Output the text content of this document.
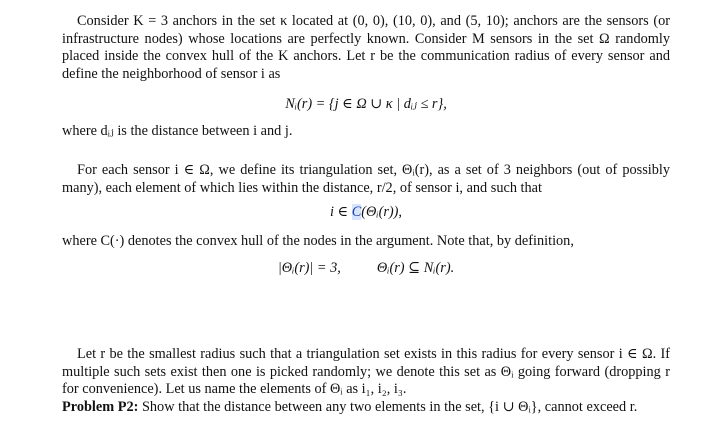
Consider K = 3 anchors in the set κ located at (0, 0), (10, 0), and (5, 10); anchors are the sensors (or infrastructure nodes) whose locations are perfectly known. Consider M sensors in the set Ω randomly placed inside the convex hull of the K anchors. Let r be the communication radius of every sensor and define the neighborhood of sensor i as

Nᵢ(r) = {j ∈ Ω ∪ κ | dᵢⱼ ≤ r},

where dᵢⱼ is the distance between i and j.

For each sensor i ∈ Ω, we define its triangulation set, Θᵢ(r), as a set of 3 neighbors (out of possibly many), each element of which lies within the distance, r/2, of sensor i, and such that

i ∈ C(Θᵢ(r)),

where C(·) denotes the convex hull of the nodes in the argument. Note that, by definition,

|Θᵢ(r)| = 3,	Θᵢ(r) ⊆ Nᵢ(r).

Let r be the smallest radius such that a triangulation set exists in this radius for every sensor i ∈ Ω. If multiple such sets exist then one is picked randomly; we denote this set as Θᵢ going forward (dropping r for convenience). Let us name the elements of Θᵢ as i₁, i₂, i₃.
Problem P2: Show that the distance between any two elements in the set, {i ∪ Θᵢ}, cannot exceed r.
